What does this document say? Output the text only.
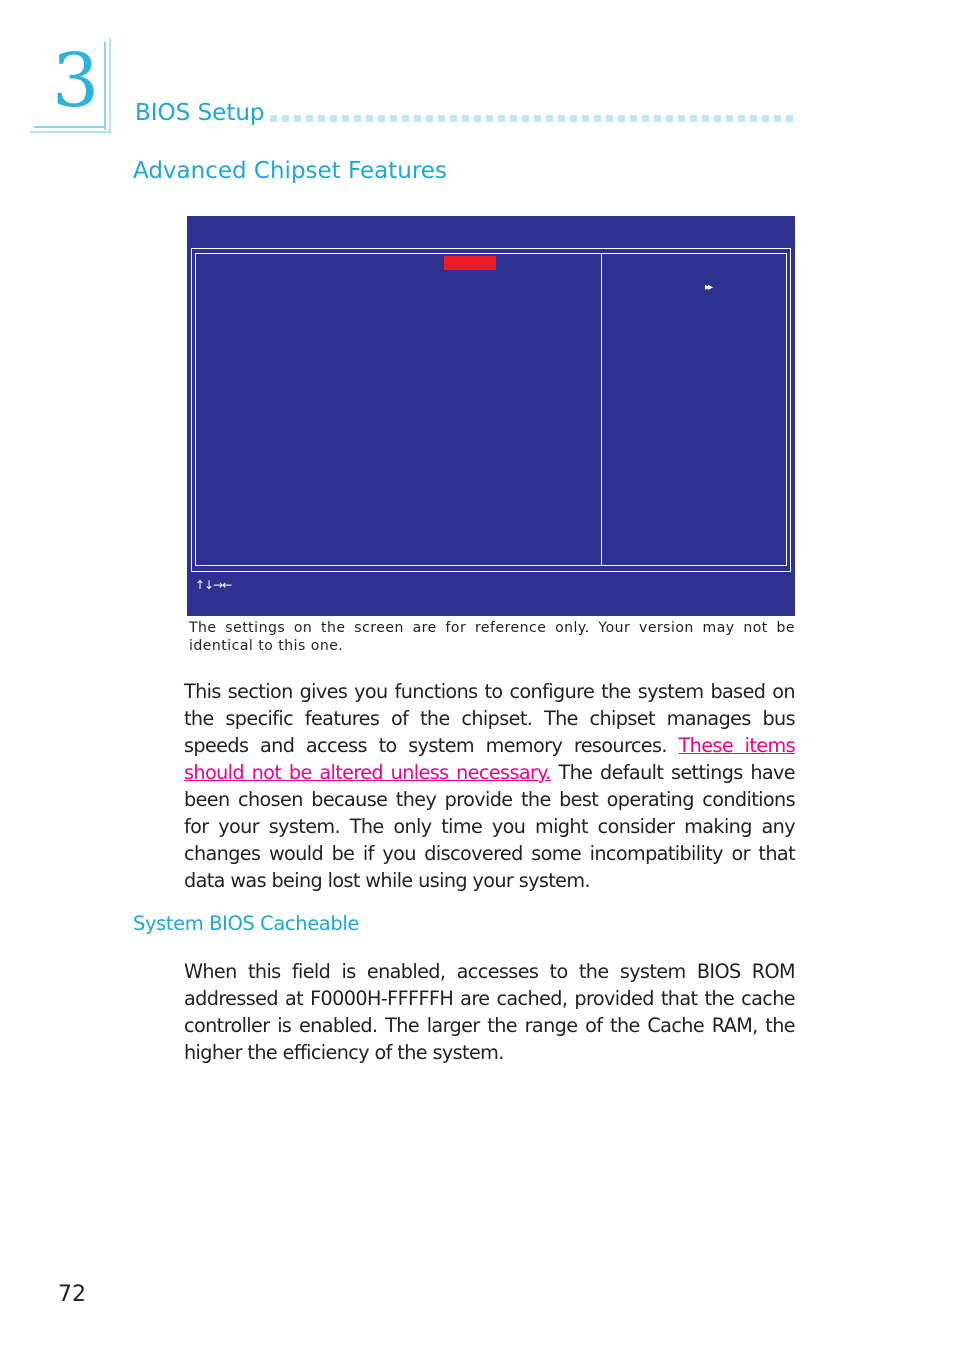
3 BIOS Setup
Advanced Chipset Features
▸▸
↑↓→←
The settings on the screen are for reference only. Your version may not be identical to this one.

This section gives you functions to configure the system based on the specific features of the chipset. The chipset manages bus speeds and access to system memory resources. These items should not be altered unless necessary. The default settings have been chosen because they provide the best operating conditions for your system. The only time you might consider making any changes would be if you discovered some incompatibility or that data was being lost while using your system.

System BIOS Cacheable

When this field is enabled, accesses to the system BIOS ROM addressed at F0000H-FFFFFH are cached, provided that the cache controller is enabled. The larger the range of the Cache RAM, the higher the efficiency of the system.

72
